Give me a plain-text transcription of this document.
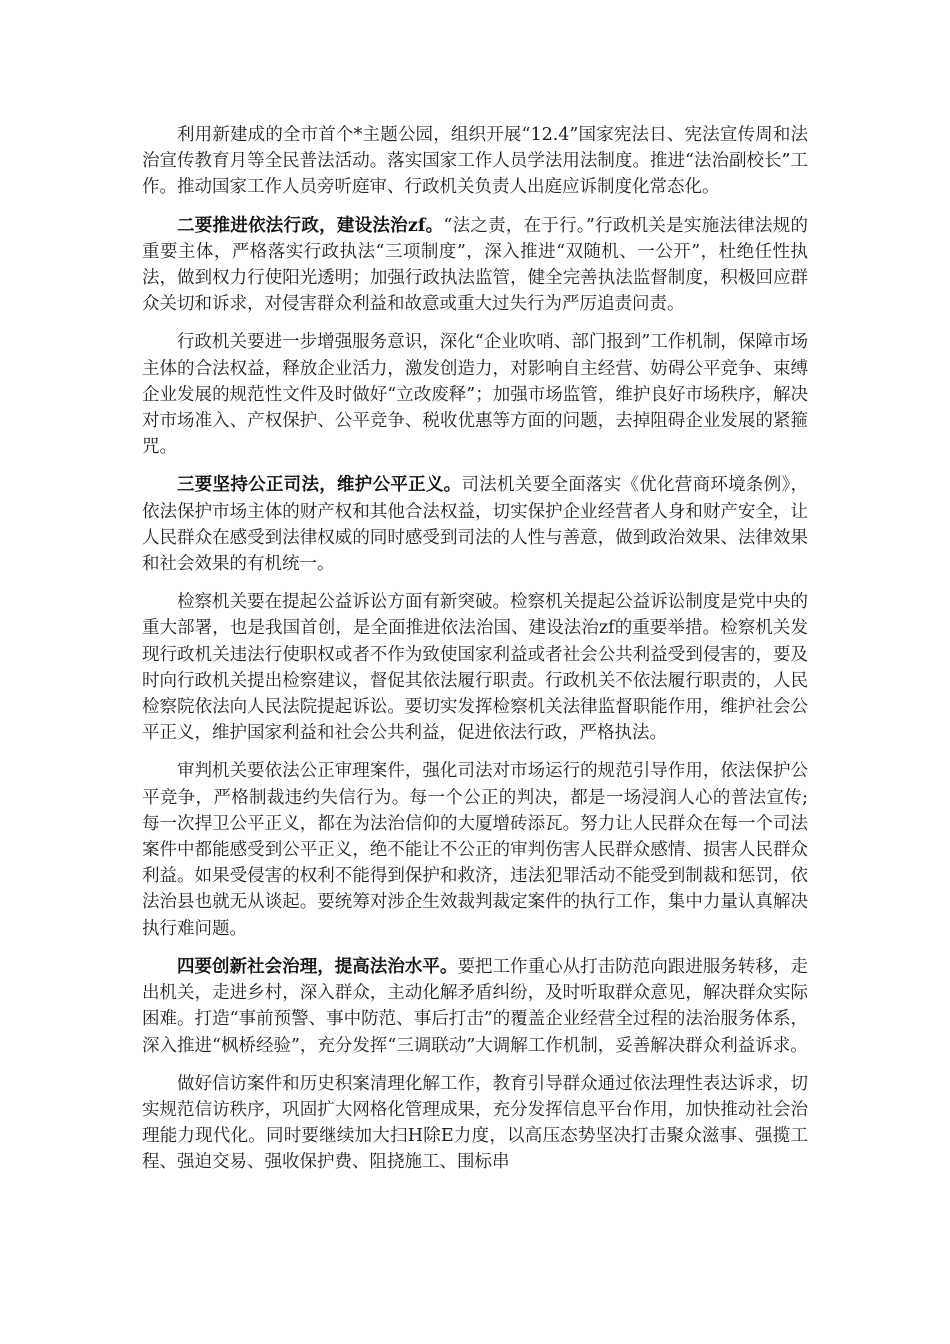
利用新建成的全市首个*主题公园，组织开展“12.4”国家宪法日、宪法宣传周和法治宣传教育月等全民普法活动。落实国家工作人员学法用法制度。推进“法治副校长”工作。推动国家工作人员旁听庭审、行政机关负责人出庭应诉制度化常态化。

二要推进依法行政，建设法治zf。“法之责，在于行。”行政机关是实施法律法规的重要主体，严格落实行政执法“三项制度”，深入推进“双随机、一公开”，杜绝任性执法，做到权力行使阳光透明；加强行政执法监管，健全完善执法监督制度，积极回应群众关切和诉求，对侵害群众利益和故意或重大过失行为严厉追责问责。

行政机关要进一步增强服务意识，深化“企业吹哨、部门报到”工作机制，保障市场主体的合法权益，释放企业活力，激发创造力，对影响自主经营、妨碍公平竞争、束缚企业发展的规范性文件及时做好“立改废释”；加强市场监管，维护良好市场秩序，解决对市场准入、产权保护、公平竞争、税收优惠等方面的问题，去掉阻碍企业发展的紧箍咒。

三要坚持公正司法，维护公平正义。司法机关要全面落实《优化营商环境条例》，依法保护市场主体的财产权和其他合法权益，切实保护企业经营者人身和财产安全，让人民群众在感受到法律权威的同时感受到司法的人性与善意，做到政治效果、法律效果和社会效果的有机统一。

检察机关要在提起公益诉讼方面有新突破。检察机关提起公益诉讼制度是党中央的重大部署，也是我国首创，是全面推进依法治国、建设法治zf的重要举措。检察机关发现行政机关违法行使职权或者不作为致使国家利益或者社会公共利益受到侵害的，要及时向行政机关提出检察建议，督促其依法履行职责。行政机关不依法履行职责的，人民检察院依法向人民法院提起诉讼。要切实发挥检察机关法律监督职能作用，维护社会公平正义，维护国家利益和社会公共利益，促进依法行政，严格执法。

审判机关要依法公正审理案件，强化司法对市场运行的规范引导作用，依法保护公平竞争，严格制裁违约失信行为。每一个公正的判决，都是一场浸润人心的普法宣传;每一次捍卫公平正义，都在为法治信仰的大厦增砖添瓦。努力让人民群众在每一个司法案件中都能感受到公平正义，绝不能让不公正的审判伤害人民群众感情、损害人民群众利益。如果受侵害的权利不能得到保护和救济，违法犯罪活动不能受到制裁和惩罚，依法治县也就无从谈起。要统筹对涉企生效裁判裁定案件的执行工作，集中力量认真解决执行难问题。

四要创新社会治理，提高法治水平。要把工作重心从打击防范向跟进服务转移，走出机关，走进乡村，深入群众，主动化解矛盾纠纷，及时听取群众意见，解决群众实际困难。打造“事前预警、事中防范、事后打击”的覆盖企业经营全过程的法治服务体系，深入推进“枫桥经验”，充分发挥“三调联动”大调解工作机制，妥善解决群众利益诉求。

做好信访案件和历史积案清理化解工作，教育引导群众通过依法理性表达诉求，切实规范信访秩序，巩固扩大网格化管理成果，充分发挥信息平台作用，加快推动社会治理能力现代化。同时要继续加大扫H除E力度，以高压态势坚决打击聚众滋事、强揽工程、强迫交易、强收保护费、阻挠施工、围标串
